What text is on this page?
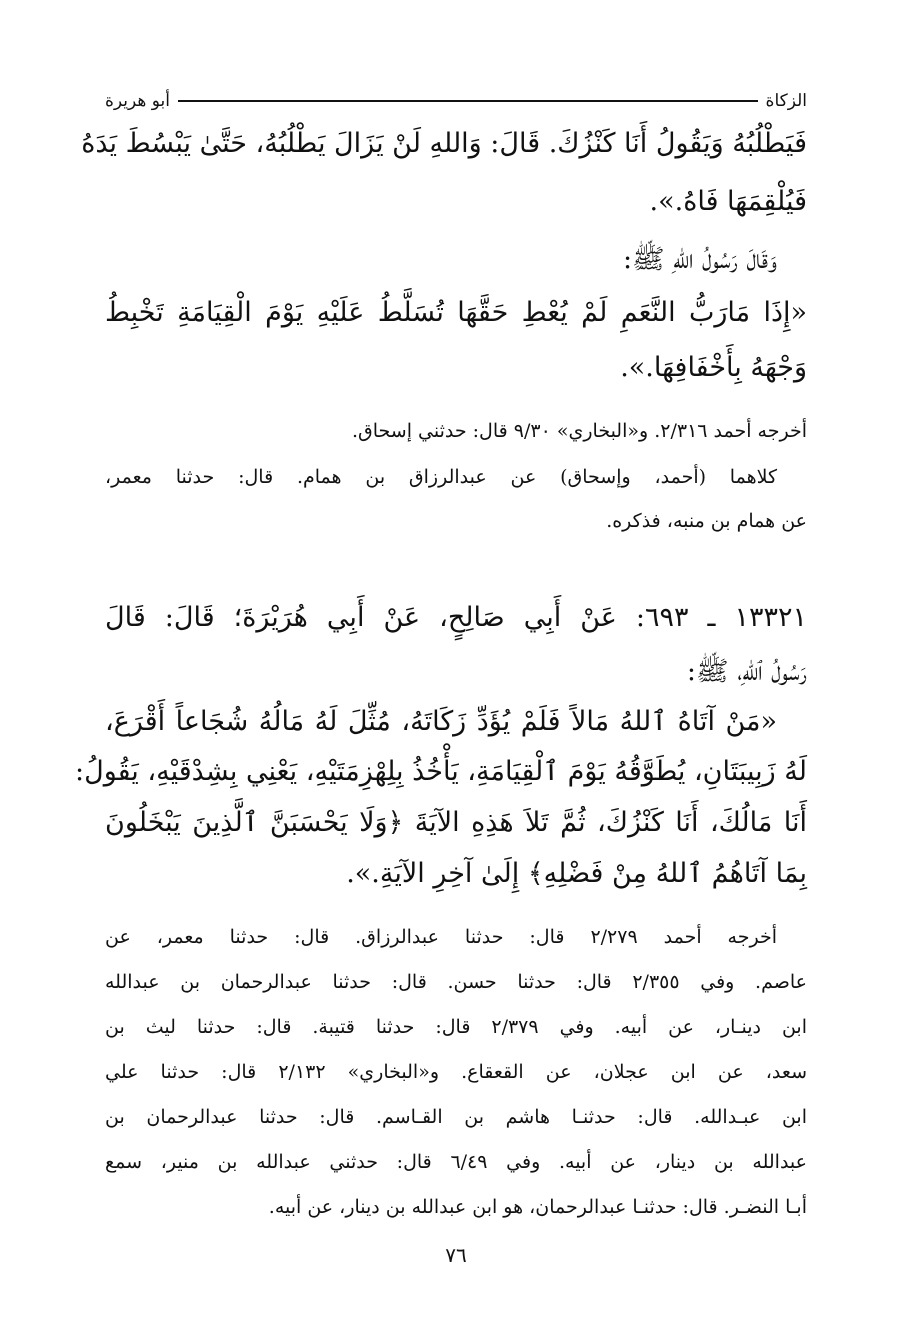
الزكاة
أبو هريرة
فَيَطْلُبُهُ وَيَقُولُ أَنَا كَنْزُكَ. قَالَ: وَاللهِ لَنْ يَزَالَ يَطْلُبُهُ، حَتَّىٰ يَبْسُطَ يَدَهُ
فَيُلْقِمَهَا فَاهُ.».
وَقَالَ رَسُولُ اللهِ ﷺ:
«إِذَا مَارَبُّ النَّعَمِ لَمْ يُعْطِ حَقَّهَا تُسَلَّطُ عَلَيْهِ يَوْمَ الْقِيَامَةِ تَخْبِطُ
وَجْهَهُ بِأَخْفَافِهَا.».
أخرجه أحمد ٢/٣١٦. و«البخاري» ٩/٣٠ قال: حدثني إسحاق.
كلاهما (أحمد، وإسحاق) عن عبدالرزاق بن همام. قال: حدثنا معمر،
عن همام بن منبه، فذكره.
١٣٣٢١ ـ ٦٩٣: عَنْ أَبِي صَالِحٍ، عَنْ أَبِي هُرَيْرَةَ؛ قَالَ: قَالَ
رَسُولُ ٱللهِ، ﷺ:
«مَنْ آتَاهُ ٱللهُ مَالاً فَلَمْ يُؤَدِّ زَكَاتَهُ، مُثِّلَ لَهُ مَالُهُ شُجَاعاً أَقْرَعَ،
لَهُ زَبِيبَتَانِ، يُطَوَّقُهُ يَوْمَ ٱلْقِيَامَةِ، يَأْخُذُ بِلِهْزِمَتَيْهِ، يَعْنِي بِشِدْقَيْهِ، يَقُولُ:
أَنَا مَالُكَ، أَنَا كَنْزُكَ، ثُمَّ تَلاَ هَذِهِ الآيَةَ ﴿وَلَا يَحْسَبَنَّ ٱلَّذِينَ يَبْخَلُونَ
بِمَا آتَاهُمُ ٱللهُ مِنْ فَضْلِهِ﴾ إِلَىٰ آخِرِ الآيَةِ.».
أخرجه أحمد ٢/٢٧٩ قال: حدثنا عبدالرزاق. قال: حدثنا معمر، عن
عاصم. وفي ٢/٣٥٥ قال: حدثنا حسن. قال: حدثنا عبدالرحمان بن عبدالله
ابن دينـار، عن أبيه. وفي ٢/٣٧٩ قال: حدثنا قتيبة. قال: حدثنا ليث بن
سعد، عن ابن عجلان، عن القعقاع. و«البخاري» ٢/١٣٢ قال: حدثنا علي
ابن عبـدالله. قال: حدثنـا هاشم بن القـاسم. قال: حدثنا عبدالرحمان بن
عبدالله بن دينار، عن أبيه. وفي ٦/٤٩ قال: حدثني عبدالله بن منير، سمع
أبـا النضـر. قال: حدثنـا عبدالرحمان، هو ابن عبدالله بن دينار، عن أبيه.
٧٦
